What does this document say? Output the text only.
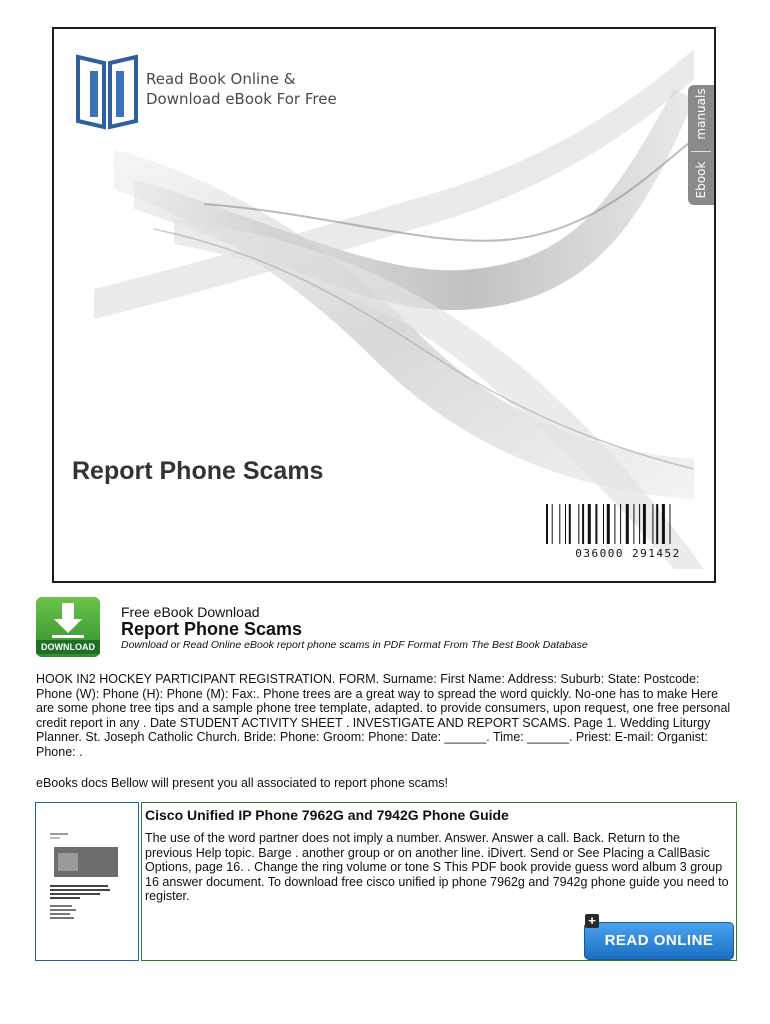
Read Book Online &
Download eBook For Free	manuals
Ebook
Report Phone Scams
036000 291452
DOWNLOAD
Free eBook Download
Report Phone Scams
Download or Read Online eBook report phone scams in PDF Format From The Best Book Database
HOOK IN2 HOCKEY PARTICIPANT REGISTRATION. FORM. Surname: First Name: Address: Suburb: State: Postcode: Phone (W): Phone (H): Phone (M): Fax:. Phone trees are a great way to spread the word quickly. No-one has to make Here are some phone tree tips and a sample phone tree template, adapted. to provide consumers, upon request, one free personal credit report in any . Date STUDENT ACTIVITY SHEET . INVESTIGATE AND REPORT SCAMS. Page 1. Wedding Liturgy Planner. St. Joseph Catholic Church. Bride: Phone: Groom: Phone: Date: ______. Time: ______. Priest: E-mail: Organist: Phone: .
eBooks docs Bellow will present you all associated to report phone scams!
Cisco Unified IP Phone 7962G and 7942G Phone Guide
The use of the word partner does not imply a number. Answer. Answer a call. Back. Return to the previous Help topic. Barge . another group or on another line. iDivert. Send or See Placing a CallBasic Options, page 16. . Change the ring volume or tone S This PDF book provide guess word album 3 group 16 answer document. To download free cisco unified ip phone 7962g and 7942g phone guide you need to register.
READ ONLINE
+
